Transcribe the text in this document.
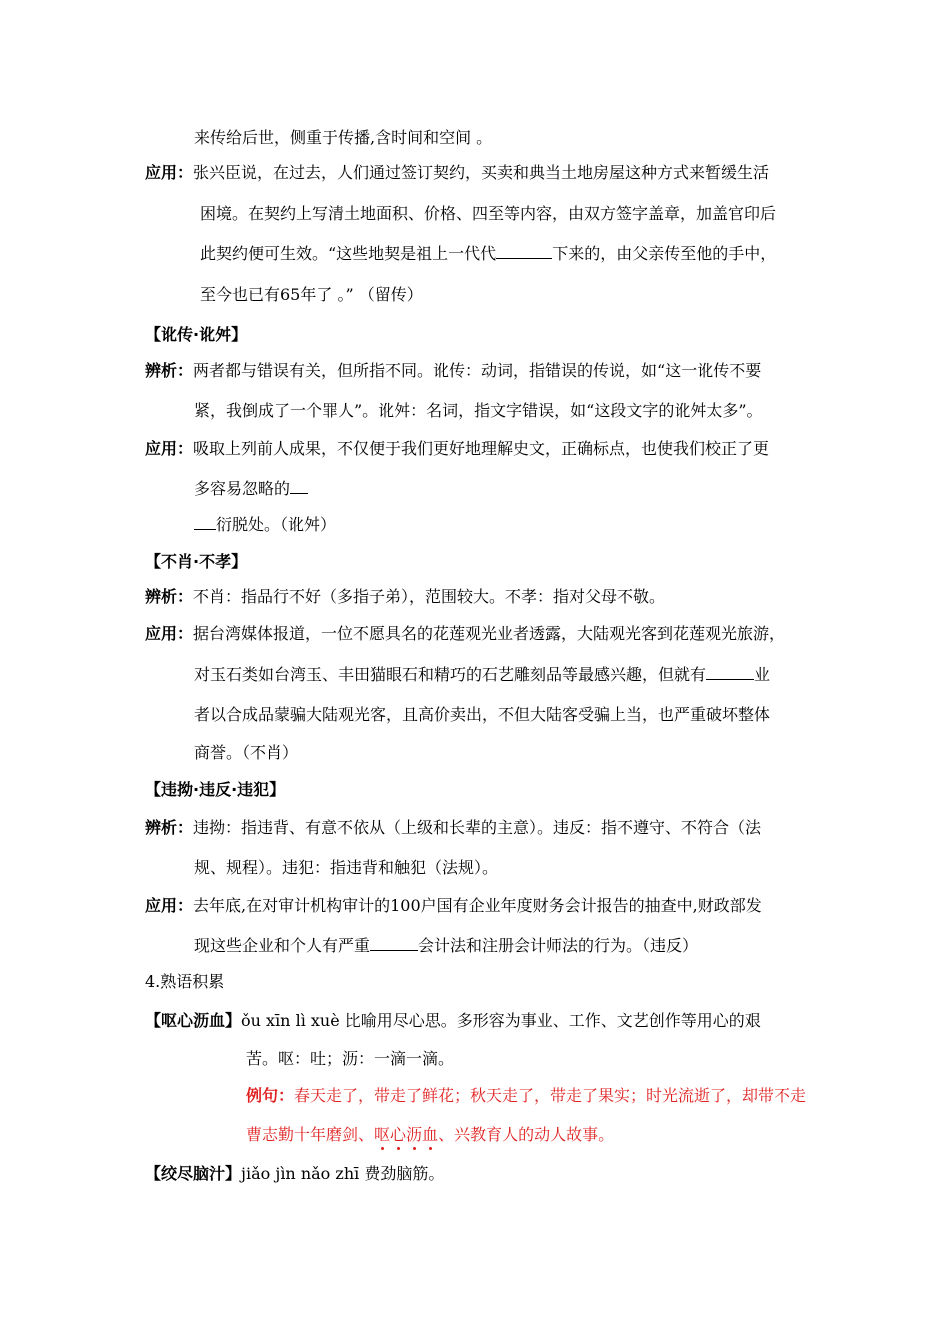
来传给后世，侧重于传播,含时间和空间 。
应用：张兴臣说，在过去，人们通过签订契约，买卖和典当土地房屋这种方式来暂缓生活
困境。在契约上写清土地面积、价格、四至等内容，由双方签字盖章，加盖官印后
此契约便可生效。“这些地契是祖上一代代	下来的，由父亲传至他的手中，
至今也已有65年了 。” （留传）
【讹传·讹舛】
辨析：两者都与错误有关，但所指不同。讹传：动词，指错误的传说，如“这一讹传不要
紧，我倒成了一个罪人”。讹舛：名词，指文字错误，如“这段文字的讹舛太多”。
应用：吸取上列前人成果，不仅便于我们更好地理解史文，正确标点，也使我们校正了更
多容易忽略的
衍脱处。（讹舛）
【不肖·不孝】
辨析：不肖：指品行不好（多指子弟），范围较大。不孝：指对父母不敬。
应用：据台湾媒体报道，一位不愿具名的花莲观光业者透露，大陆观光客到花莲观光旅游，
对玉石类如台湾玉、丰田猫眼石和精巧的石艺雕刻品等最感兴趣，但就有	业
者以合成品蒙骗大陆观光客，且高价卖出，不但大陆客受骗上当，也严重破坏整体
商誉。（不肖）
【违拗·违反·违犯】
辨析：违拗：指违背、有意不依从（上级和长辈的主意）。违反：指不遵守、不符合（法
规、规程）。违犯：指违背和触犯（法规）。
应用：去年底,在对审计机构审计的100户国有企业年度财务会计报告的抽查中,财政部发
现这些企业和个人有严重	会计法和注册会计师法的行为。（违反）
4.熟语积累
【呕心沥血】ǒu xīn lì xuè 比喻用尽心思。多形容为事业、工作、文艺创作等用心的艰
苦。呕：吐；沥：一滴一滴。
例句：春天走了，带走了鲜花；秋天走了，带走了果实；时光流逝了，却带不走
曹志勤十年磨剑、呕心沥血、兴教育人的动人故事。
【绞尽脑汁】jiǎo jìn nǎo zhī 费劲脑筋。
